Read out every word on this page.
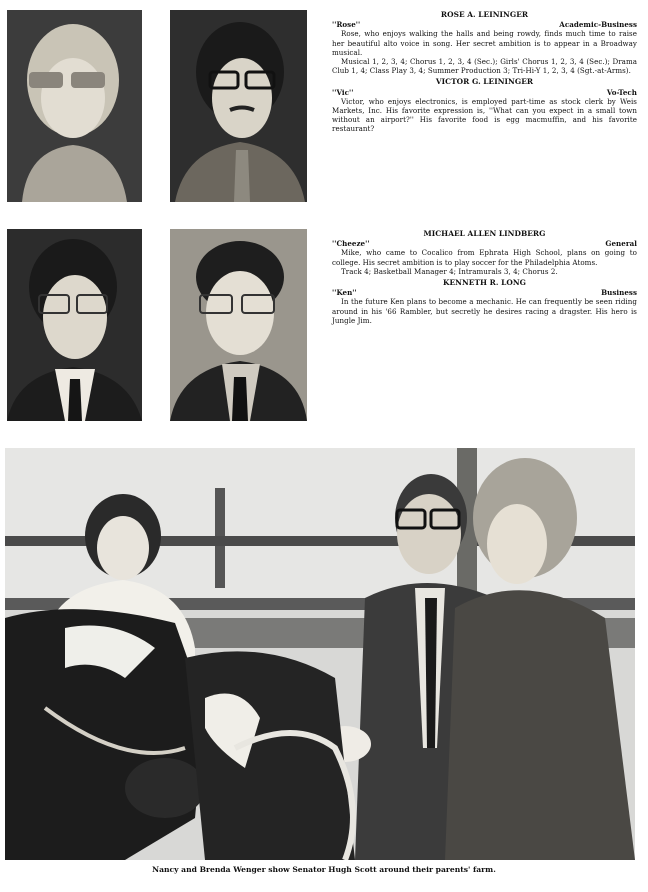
ROSE A. LEININGER
''Rose''	Academic-Business
Rose, who enjoys walking the halls and being rowdy, finds much time to raise her beautiful alto voice in song. Her secret ambition is to appear in a Broadway musical.
Musical 1, 2, 3, 4; Chorus 1, 2, 3, 4 (Sec.); Girls' Chorus 1, 2, 3, 4 (Sec.); Drama Club 1, 4; Class Play 3, 4; Summer Production 3; Tri-Hi-Y 1, 2, 3, 4 (Sgt.-at-Arms).
VICTOR G. LEININGER
''Vic''	Vo-Tech
Victor, who enjoys electronics, is employed part-time as stock clerk by Weis Markets, Inc. His favorite expression is, ''What can you expect in a small town without an airport?'' His favorite food is egg macmuffin, and his favorite restaurant?
MICHAEL ALLEN LINDBERG
''Cheeze''	General
Mike, who came to Cocalico from Ephrata High School, plans on going to college. His secret ambition is to play soccer for the Philadelphia Atoms.
Track 4; Basketball Manager 4; Intramurals 3, 4; Chorus 2.
KENNETH R. LONG
''Ken''	Business
In the future Ken plans to become a mechanic. He can frequently be seen riding around in his '66 Rambler, but secretly he desires racing a dragster. His hero is Jungle Jim.
Nancy and Brenda Wenger show Senator Hugh Scott around their parents' farm.
